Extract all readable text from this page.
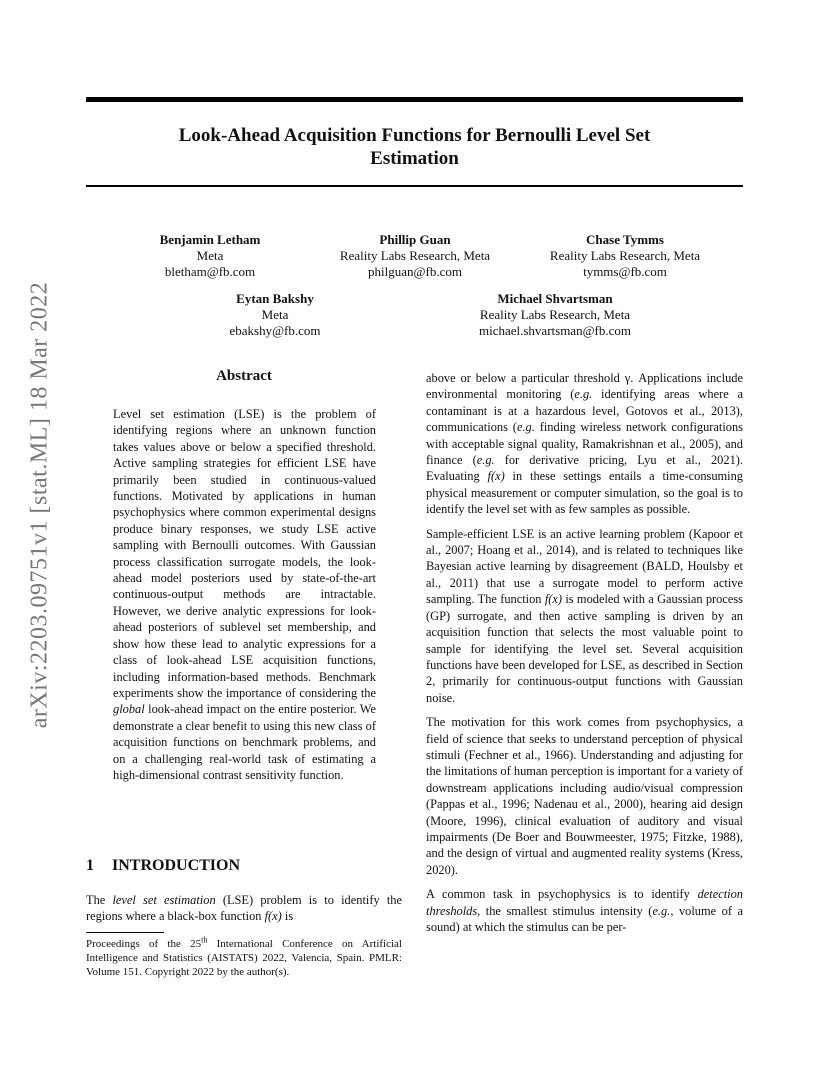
Look-Ahead Acquisition Functions for Bernoulli Level Set
Estimation
arXiv:2203.09751v1 [stat.ML] 18 Mar 2022
Benjamin Letham
Meta
bletham@fb.com
Phillip Guan
Reality Labs Research, Meta
philguan@fb.com
Chase Tymms
Reality Labs Research, Meta
tymms@fb.com
Eytan Bakshy
Meta
ebakshy@fb.com
Michael Shvartsman
Reality Labs Research, Meta
michael.shvartsman@fb.com
Abstract
Level set estimation (LSE) is the problem of identifying regions where an unknown function takes values above or below a specified threshold. Active sampling strategies for efficient LSE have primarily been studied in continuous-valued functions. Motivated by applications in human psychophysics where common experimental designs produce binary responses, we study LSE active sampling with Bernoulli outcomes. With Gaussian process classification surrogate models, the look-ahead model posteriors used by state-of-the-art continuous-output methods are intractable. However, we derive analytic expressions for look-ahead posteriors of sublevel set membership, and show how these lead to analytic expressions for a class of look-ahead LSE acquisition functions, including information-based methods. Benchmark experiments show the importance of considering the global look-ahead impact on the entire posterior. We demonstrate a clear benefit to using this new class of acquisition functions on benchmark problems, and on a challenging real-world task of estimating a high-dimensional contrast sensitivity function.
1 INTRODUCTION
The level set estimation (LSE) problem is to identify the regions where a black-box function f(x) is
Proceedings of the 25th International Conference on Artificial Intelligence and Statistics (AISTATS) 2022, Valencia, Spain. PMLR: Volume 151. Copyright 2022 by the author(s).

above or below a particular threshold γ. Applications include environmental monitoring (e.g. identifying areas where a contaminant is at a hazardous level, Gotovos et al., 2013), communications (e.g. finding wireless network configurations with acceptable signal quality, Ramakrishnan et al., 2005), and finance (e.g. for derivative pricing, Lyu et al., 2021). Evaluating f(x) in these settings entails a time-consuming physical measurement or computer simulation, so the goal is to identify the level set with as few samples as possible.

Sample-efficient LSE is an active learning problem (Kapoor et al., 2007; Hoang et al., 2014), and is related to techniques like Bayesian active learning by disagreement (BALD, Houlsby et al., 2011) that use a surrogate model to perform active sampling. The function f(x) is modeled with a Gaussian process (GP) surrogate, and then active sampling is driven by an acquisition function that selects the most valuable point to sample for identifying the level set. Several acquisition functions have been developed for LSE, as described in Section 2, primarily for continuous-output functions with Gaussian noise.

The motivation for this work comes from psychophysics, a field of science that seeks to understand perception of physical stimuli (Fechner et al., 1966). Understanding and adjusting for the limitations of human perception is important for a variety of downstream applications including audio/visual compression (Pappas et al., 1996; Nadenau et al., 2000), hearing aid design (Moore, 1996), clinical evaluation of auditory and visual impairments (De Boer and Bouwmeester, 1975; Fitzke, 1988), and the design of virtual and augmented reality systems (Kress, 2020).

A common task in psychophysics is to identify detection thresholds, the smallest stimulus intensity (e.g., volume of a sound) at which the stimulus can be per-
